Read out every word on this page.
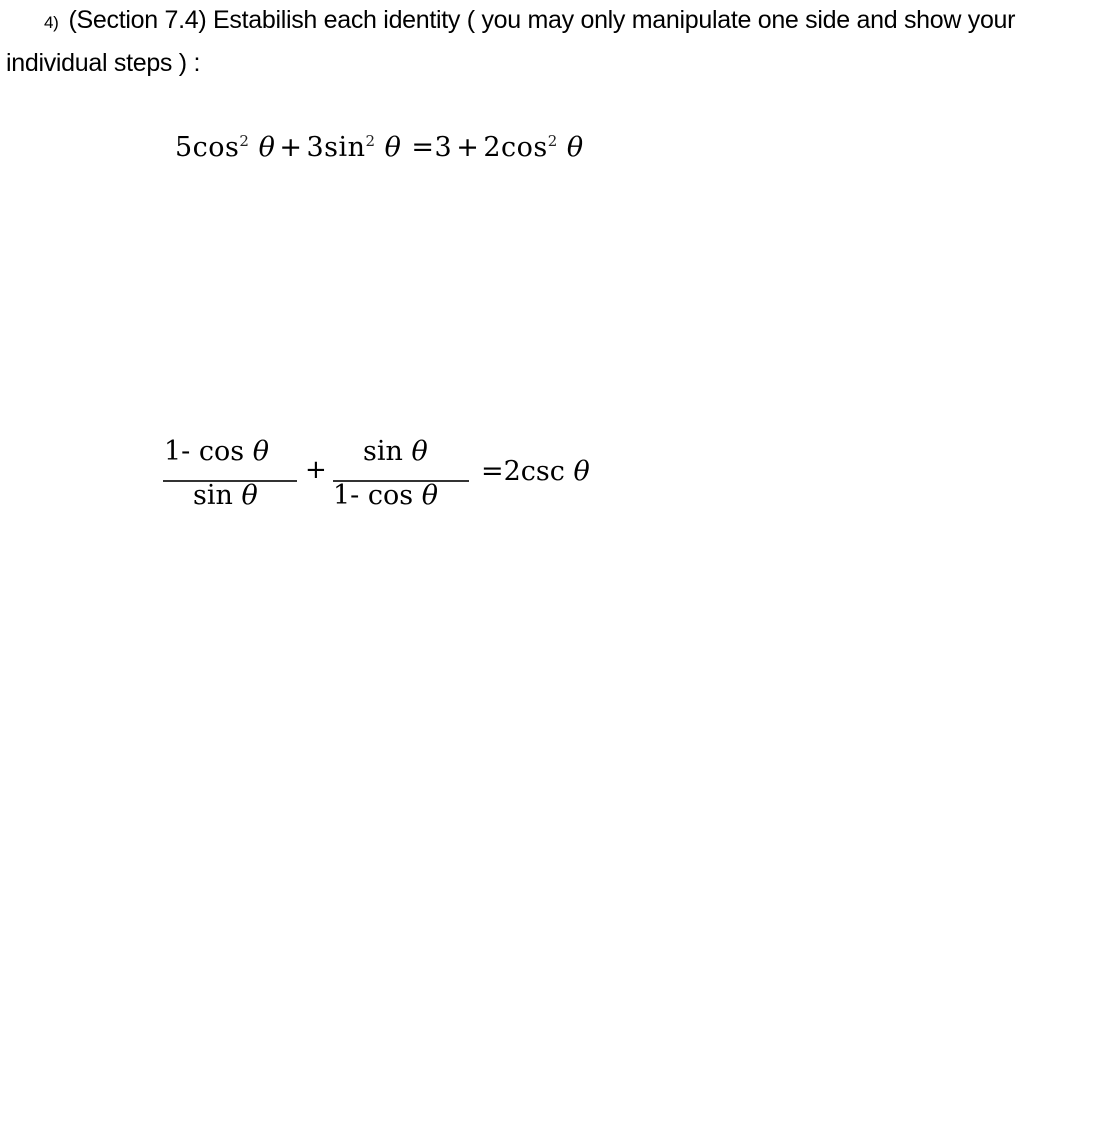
4) (Section 7.4) Estabilish each identity ( you may only manipulate one side and show your
individual steps ) :
$5\cos^2$ $\theta + 3\sin^2$ $\theta =3 + 2\cos^2$ θ
1- cos θ
sin θ
+
sin θ
1- cos θ
=2csc θ
